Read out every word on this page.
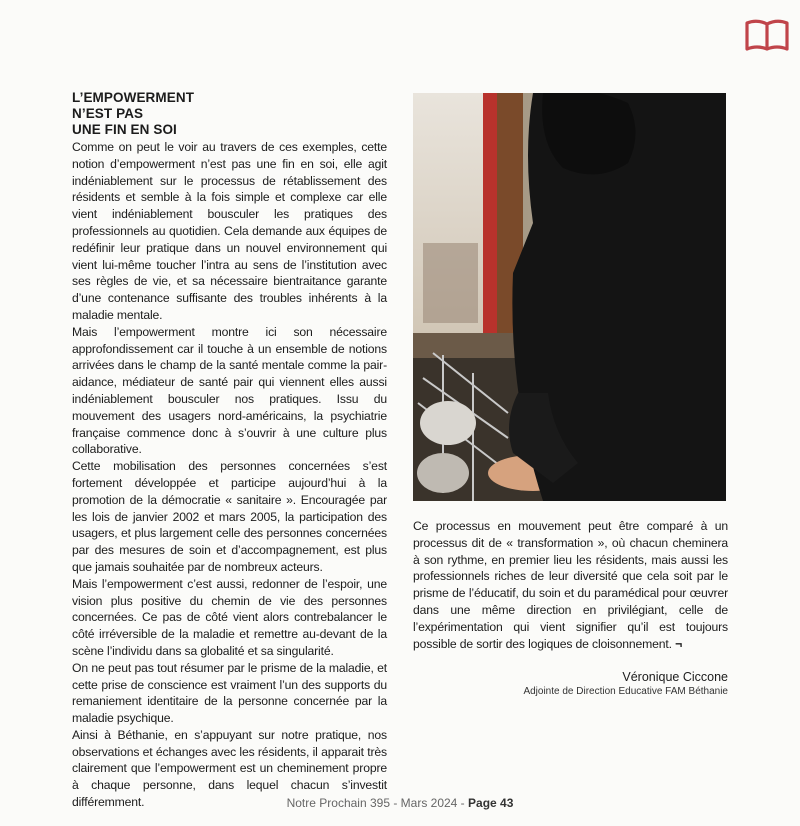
L’EMPOWERMENT
N’EST PAS
UNE FIN EN SOI

Comme on peut le voir au travers de ces exemples, cette notion d’empowerment n’est pas une fin en soi, elle agit indéniablement sur le processus de rétablissement des résidents et semble à la fois simple et complexe car elle vient indéniablement bousculer les pratiques des professionnels au quotidien. Cela demande aux équipes de redéfinir leur pratique dans un nouvel environnement qui vient lui-même toucher l’intra au sens de l’institution avec ses règles de vie, et sa nécessaire bientraitance garante d’une contenance suffisante des troubles inhérents à la maladie mentale.

Mais l’empowerment montre ici son nécessaire approfondissement car il touche à un ensemble de notions arrivées dans le champ de la santé mentale comme la pair-aidance, médiateur de santé pair qui viennent elles aussi indéniablement bousculer nos pratiques. Issu du mouvement des usagers nord-américains, la psychiatrie française commence donc à s’ouvrir à une culture plus collaborative.

Cette mobilisation des personnes concernées s’est fortement développée et participe aujourd’hui à la promotion de la démocratie « sanitaire ». Encouragée par les lois de janvier 2002 et mars 2005, la participation des usagers, et plus largement celle des personnes concernées par des mesures de soin et d’accompagnement, est plus que jamais souhaitée par de nombreux acteurs.

Mais l’empowerment c’est aussi, redonner de l’espoir, une vision plus positive du chemin de vie des personnes concernées. Ce pas de côté vient alors contrebalancer le côté irréversible de la maladie et remettre au-devant de la scène l’individu dans sa globalité et sa singularité.

On ne peut pas tout résumer par le prisme de la maladie, et cette prise de conscience est vraiment l’un des supports du remaniement identitaire de la personne concernée par la maladie psychique.

Ainsi à Béthanie, en s’appuyant sur notre pratique, nos observations et échanges avec les résidents, il apparait très clairement que l’empowerment est un cheminement propre à chaque personne, dans lequel chacun s’investit différemment.

Ce processus en mouvement peut être comparé à un processus dit de « transformation », où chacun cheminera à son rythme, en premier lieu les résidents, mais aussi les professionnels riches de leur diversité que cela soit par le prisme de l’éducatif, du soin et du paramédical pour œuvrer dans une même direction en privilégiant, celle de l’expérimentation qui vient signifier qu’il est toujours possible de sortir des logiques de cloisonnement. ¬

Véronique Ciccone

Adjointe de Direction Educative FAM Béthanie

Notre Prochain 395 - Mars 2024 - Page 43
